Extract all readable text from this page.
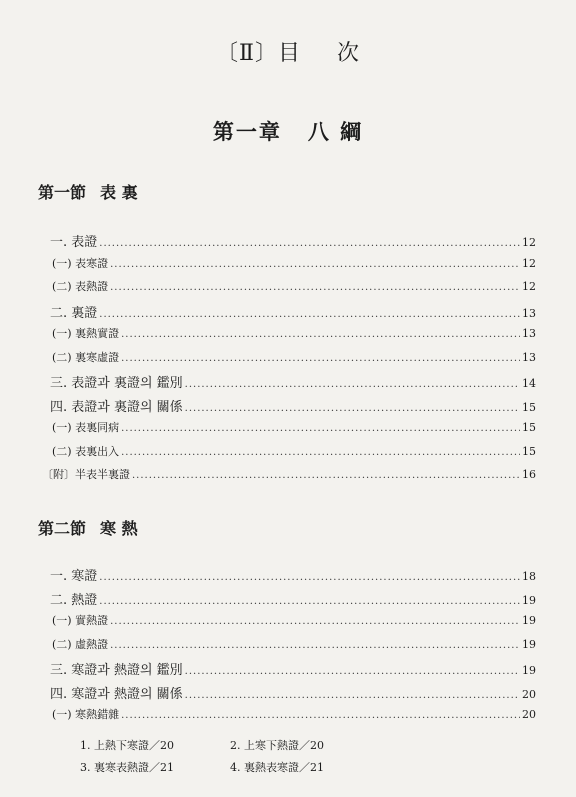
〔Ⅱ〕目 次
第一章 八 綱
第一節 表 裏
一. 表證 .....	12
(一) 表寒證 .....	12
(二) 表熱證 .....	12
二. 裏證 .....	13
(一) 裏熱實證 .....	13
(二) 裏寒虛證 .....	13
三. 表證과 裏證의 鑑別 .....	14
四. 表證과 裏證의 關係 .....	15
(一) 表裏同病 .....	15
(二) 表裏出入 .....	15
〔附〕半表半裏證 .....	16
第二節 寒 熱
一. 寒證 .....	18
二. 熱證 .....	19
(一) 實熱證 .....	19
(二) 虛熱證 .....	19
三. 寒證과 熱證의 鑑別 .....	19
四. 寒證과 熱證의 關係 .....	20
(一) 寒熱錯雜 .....	20
1. 上熱下寒證／20	2. 上寒下熱證／20
3. 裏寒表熱證／21	4. 裏熱表寒證／21
